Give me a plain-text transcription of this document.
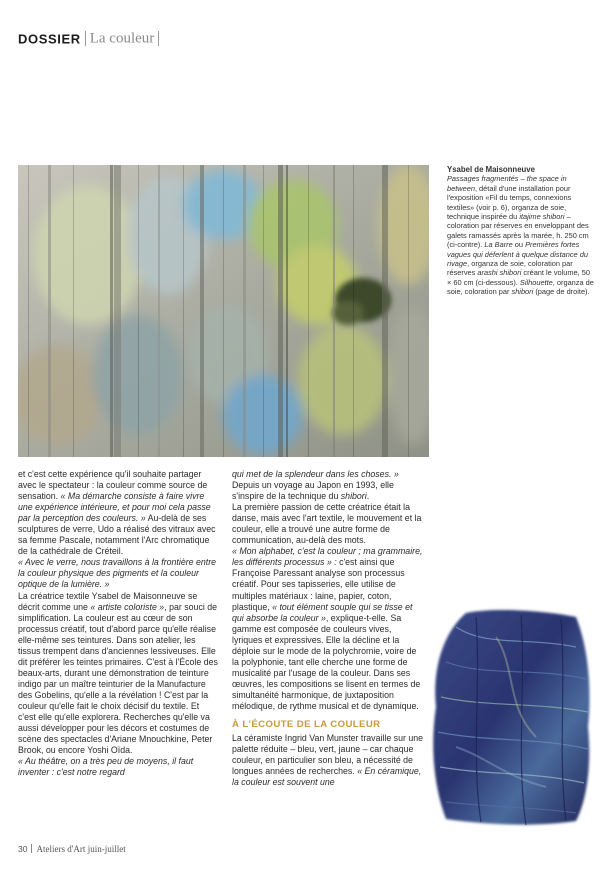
DOSSIER La couleur
Ysabel de Maisonneuve
Passages fragmentés – the space in between, détail d'une installation pour l'exposition «Fil du temps, connexions textiles» (voir p. 6), organza de soie, technique inspirée du itajime shibori – coloration par réserves en enveloppant des galets ramassés après la marée, h. 250 cm (ci-contre). La Barre ou Premières fortes vagues qui déferlent à quelque distance du rivage, organza de soie, coloration par réserves arashi shibori créant le volume, 50 × 60 cm (ci-dessous). Silhouette, organza de soie, coloration par shibori (page de droite).

et c'est cette expérience qu'il souhaite partager avec le spectateur : la couleur comme source de sensation. « Ma démarche consiste à faire vivre une expérience intérieure, et pour moi cela passe par la perception des couleurs. » Au-delà de ses sculptures de verre, Udo a réalisé des vitraux avec sa femme Pascale, notamment l'Arc chromatique de la cathédrale de Créteil.

« Avec le verre, nous travaillons à la frontière entre la couleur physique des pigments et la couleur optique de la lumière. »

La créatrice textile Ysabel de Maisonneuve se décrit comme une « artiste coloriste », par souci de simplification. La couleur est au cœur de son processus créatif, tout d'abord parce qu'elle réalise elle-même ses teintures. Dans son atelier, les tissus trempent dans d'anciennes lessiveuses. Elle dit préférer les teintes primaires. C'est à l'École des beaux-arts, durant une démonstration de teinture indigo par un maître teinturier de la Manufacture des Gobelins, qu'elle a la révélation ! C'est par la couleur qu'elle fait le choix décisif du textile. Et c'est elle qu'elle explorera. Recherches qu'elle va aussi développer pour les décors et costumes de scène des spectacles d'Ariane Mnouchkine, Peter Brook, ou encore Yoshi Oïda.

« Au théâtre, on a très peu de moyens, il faut inventer : c'est notre regard

qui met de la splendeur dans les choses. » Depuis un voyage au Japon en 1993, elle s'inspire de la technique du shibori.

La première passion de cette créatrice était la danse, mais avec l'art textile, le mouvement et la couleur, elle a trouvé une autre forme de communication, au-delà des mots.

« Mon alphabet, c'est la couleur ; ma grammaire, les différents processus » : c'est ainsi que Françoise Paressant analyse son processus créatif. Pour ses tapisseries, elle utilise de multiples matériaux : laine, papier, coton, plastique, « tout élément souple qui se tisse et qui absorbe la couleur », explique-t-elle. Sa gamme est composée de couleurs vives, lyriques et expressives. Elle la décline et la déploie sur le mode de la polychromie, voire de la polyphonie, tant elle cherche une forme de musicalité par l'usage de la couleur. Dans ses œuvres, les compositions se lisent en termes de simultanéité harmonique, de juxtaposition mélodique, de rythme musical et de dynamique.

À L'ÉCOUTE DE LA COULEUR

La céramiste Ingrid Van Munster travaille sur une palette réduite – bleu, vert, jaune – car chaque couleur, en particulier son bleu, a nécessité de longues années de recherches. « En céramique, la couleur est souvent une

30 Ateliers d'Art juin-juillet
